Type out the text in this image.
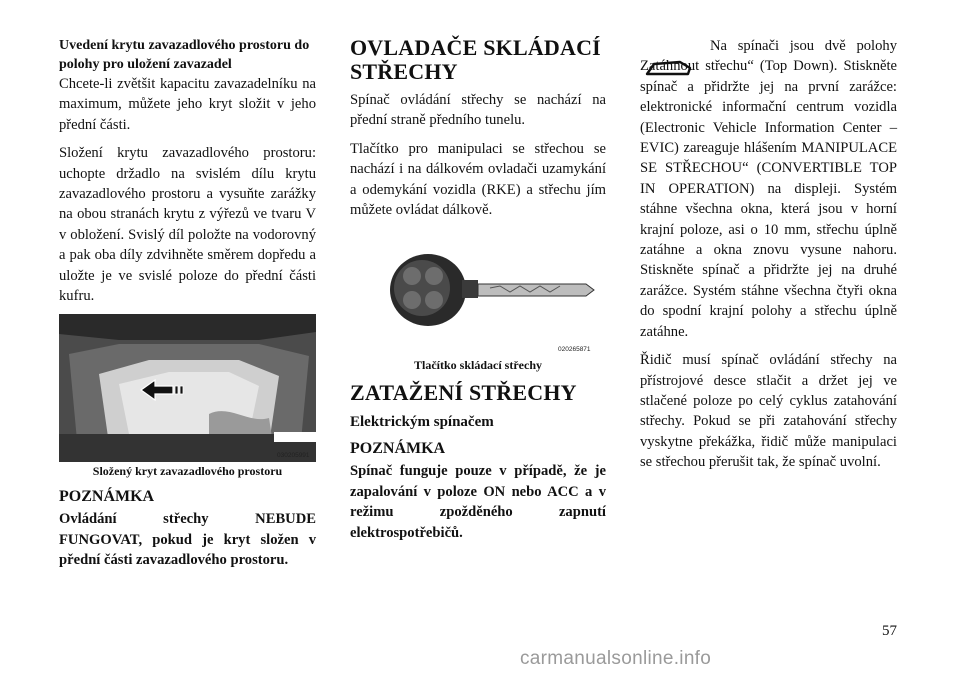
Uvedení krytu zavazadlového prostoru do polohy pro uložení zavazadel

Chcete-li zvětšit kapacitu zavazadelníku na maximum, můžete jeho kryt složit v jeho přední části.

Složení krytu zavazadlového prostoru: uchopte držadlo na svislém dílu krytu zavazadlového prostoru a vysuňte zarážky na obou stranách krytu z výřezů ve tvaru V v obložení. Svislý díl položte na vodorovný a pak oba díly zdvihněte směrem dopředu a uložte je ve svislé poloze do přední části kufru.

030205991
Složený kryt zavazadlového prostoru
POZNÁMKA

Ovládání střechy NEBUDE FUNGOVAT, pokud je kryt složen v přední části zavazadlového prostoru.

OVLADAČE SKLÁDACÍ STŘECHY

Spínač ovládání střechy se nachází na přední straně předního tunelu.

Tlačítko pro manipulaci se střechou se nachází i na dálkovém ovladači uzamykání a odemykání vozidla (RKE) a střechu jím můžete ovládat dálkově.

020265871
Tlačítko skládací střechy
ZATAŽENÍ STŘECHY
Elektrickým spínačem
POZNÁMKA

Spínač funguje pouze v případě, že je zapalování v poloze ON nebo ACC a v režimu zpožděného zapnutí elektrospotřebičů.

Na spínači jsou dvě polohy Zatáhnout střechu“ (Top Down). Stiskněte spínač a přidržte jej na první zarážce: elektronické informační centrum vozidla (Electronic Vehicle Information Center – EVIC) zareaguje hlášením MANIPULACE SE STŘECHOU“ (CONVERTIBLE TOP IN OPERATION) na displeji. Systém stáhne všechna okna, která jsou v horní krajní poloze, asi o 10 mm, střechu úplně zatáhne a okna znovu vysune nahoru. Stiskněte spínač a přidržte jej na druhé zarážce. Systém stáhne všechna čtyři okna do spodní krajní polohy a střechu úplně zatáhne.

Řidič musí spínač ovládání střechy na přístrojové desce stlačit a držet jej ve stlačené poloze po celý cyklus zatahování střechy. Pokud se při zatahování střechy vyskytne překážka, řidič může manipulaci se střechou přerušit tak, že spínač uvolní.

57
carmanualsonline.info
